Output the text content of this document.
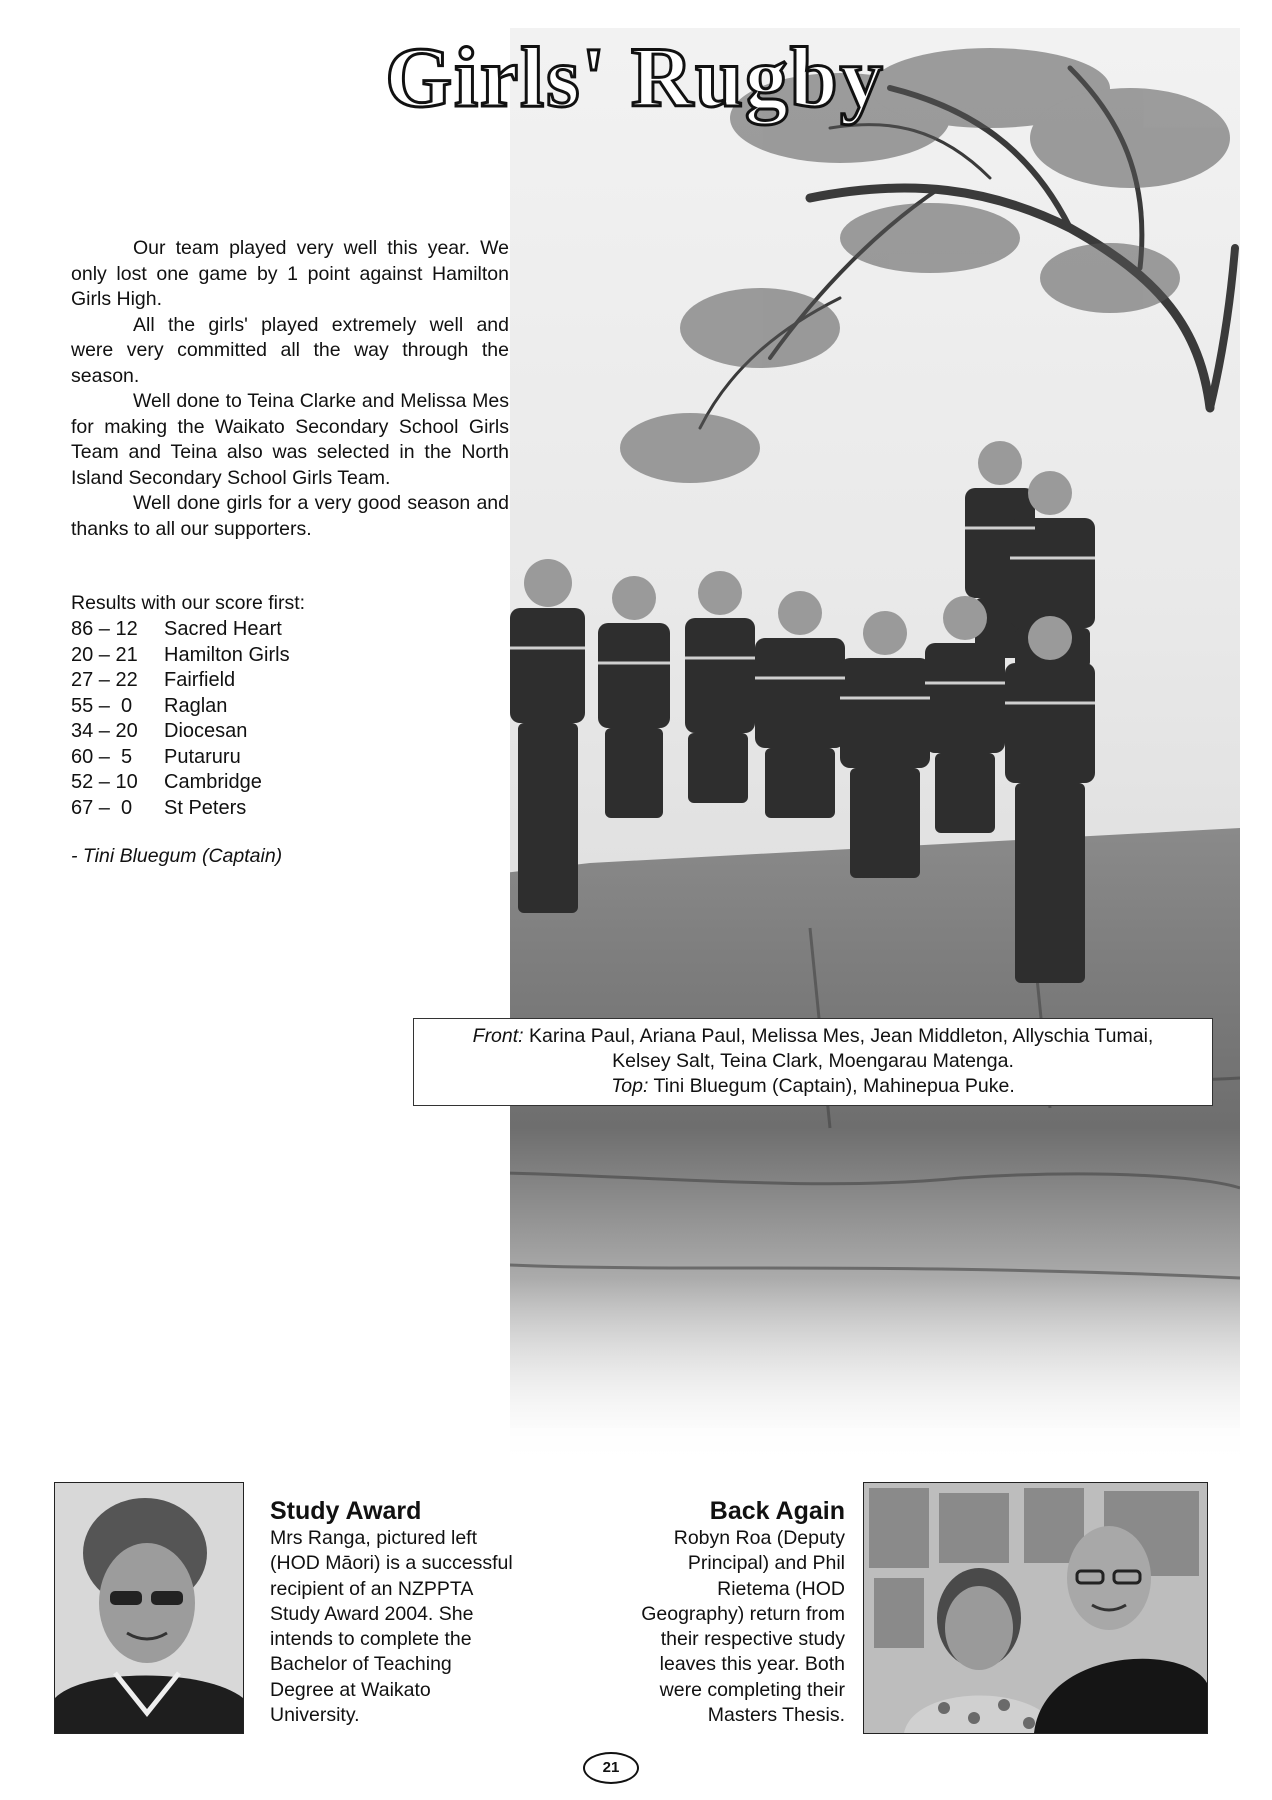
Girls' Rugby

Our team played very well this year. We only lost one game by 1 point against Hamilton Girls High.

All the girls' played extremely well and were very committed all the way through the season.

Well done to Teina Clarke and Melissa Mes for making the Waikato Secondary School Girls Team and Teina also was selected in the North Island Secondary School Girls Team.

Well done girls for a very good season and thanks to all our supporters.

Results with our score first:
86 – 12	Sacred Heart
20 – 21	Hamilton Girls
27 – 22	Fairfield
55 –  0	Raglan
34 – 20	Diocesan
60 –  5	Putaruru
52 – 10	Cambridge
67 –  0	St Peters
- Tini Bluegum (Captain)
Front: Karina Paul, Ariana Paul, Melissa Mes, Jean Middleton, Allyschia Tumai,
Kelsey Salt, Teina Clark, Moengarau Matenga.
Top: Tini Bluegum (Captain), Mahinepua Puke.
Study Award
Mrs Ranga, pictured left
(HOD Māori) is a successful
recipient of an NZPPTA
Study Award 2004. She
intends to complete the
Bachelor of Teaching
Degree at Waikato
University.
Back Again
Robyn Roa (Deputy
Principal) and Phil
Rietema (HOD
Geography) return from
their respective study
leaves this year. Both
were completing their
Masters Thesis.
21
